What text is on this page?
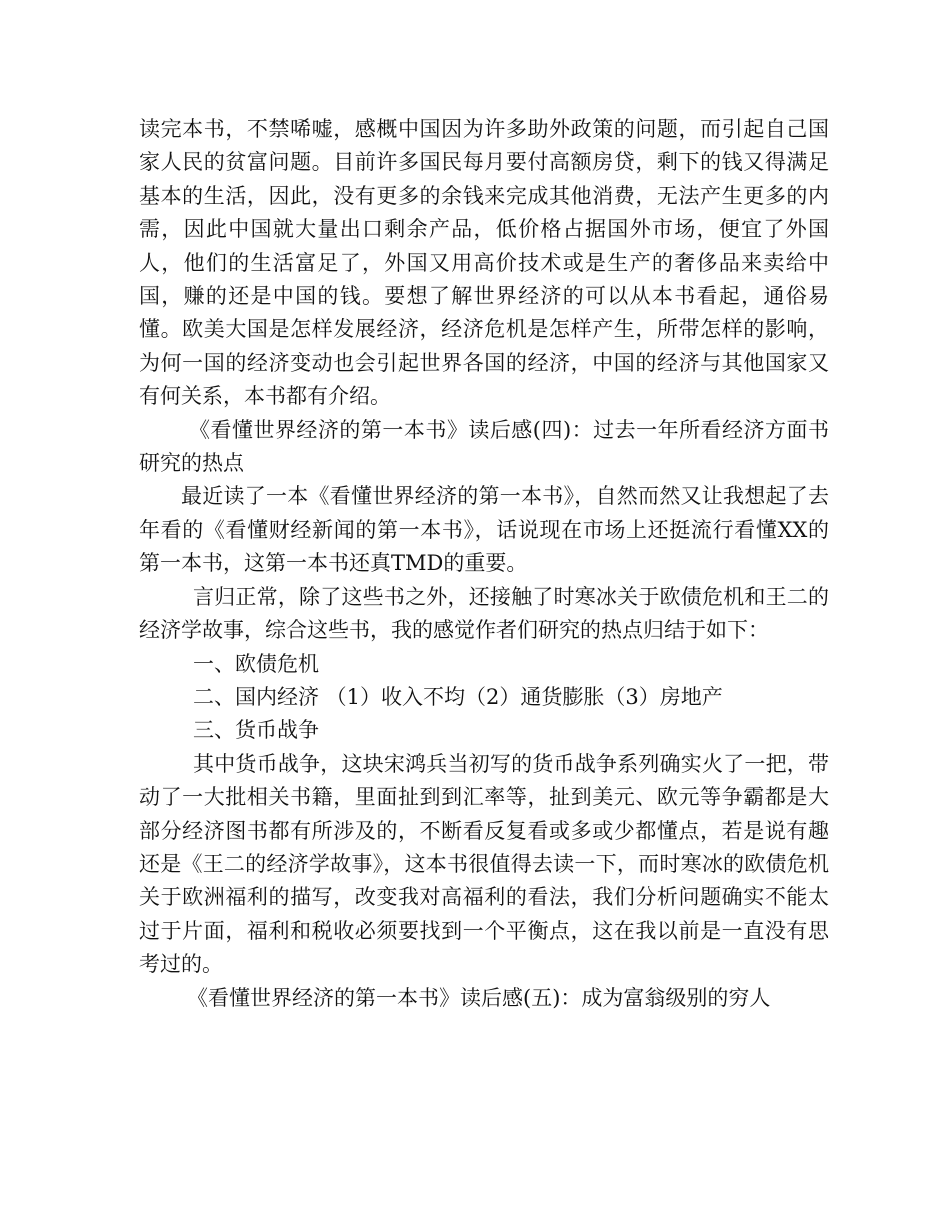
读完本书，不禁唏嘘，感概中国因为许多助外政策的问题，而引起自己国家人民的贫富问题。目前许多国民每月要付高额房贷，剩下的钱又得满足基本的生活，因此，没有更多的余钱来完成其他消费，无法产生更多的内需，因此中国就大量出口剩余产品，低价格占据国外市场，便宜了外国人，他们的生活富足了，外国又用高价技术或是生产的奢侈品来卖给中国，赚的还是中国的钱。要想了解世界经济的可以从本书看起，通俗易懂。欧美大国是怎样发展经济，经济危机是怎样产生，所带怎样的影响，为何一国的经济变动也会引起世界各国的经济，中国的经济与其他国家又有何关系，本书都有介绍。

《看懂世界经济的第一本书》读后感(四)：过去一年所看经济方面书研究的热点

最近读了一本《看懂世界经济的第一本书》，自然而然又让我想起了去年看的《看懂财经新闻的第一本书》，话说现在市场上还挺流行看懂XX的第一本书，这第一本书还真TMD的重要。

言归正常，除了这些书之外，还接触了时寒冰关于欧债危机和王二的经济学故事，综合这些书，我的感觉作者们研究的热点归结于如下：

一、欧债危机

二、国内经济 （1）收入不均（2）通货膨胀（3）房地产

三、货币战争

其中货币战争，这块宋鸿兵当初写的货币战争系列确实火了一把，带动了一大批相关书籍，里面扯到到汇率等，扯到美元、欧元等争霸都是大部分经济图书都有所涉及的，不断看反复看或多或少都懂点，若是说有趣还是《王二的经济学故事》，这本书很值得去读一下，而时寒冰的欧债危机关于欧洲福利的描写，改变我对高福利的看法，我们分析问题确实不能太过于片面，福利和税收必须要找到一个平衡点，这在我以前是一直没有思考过的。

《看懂世界经济的第一本书》读后感(五)：成为富翁级别的穷人
